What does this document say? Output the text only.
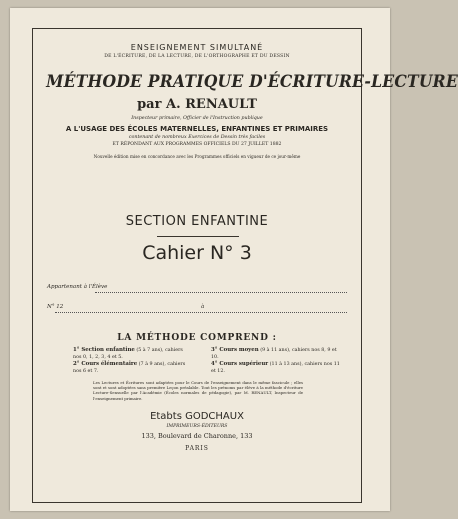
ENSEIGNEMENT SIMULTANÉ
DE L'ÉCRITURE, DE LA LECTURE, DE L'ORTHOGRAPHE ET DU DESSIN
MÉTHODE PRATIQUE D'ÉCRITURE-LECTURE
par A. RENAULT
Inspecteur primaire, Officier de l'Instruction publique
A L'USAGE DES ÉCOLES MATERNELLES, ENFANTINES ET PRIMAIRES
contenant de nombreux Exercices de Dessin très faciles
ET RÉPONDANT AUX PROGRAMMES OFFICIELS DU 27 JUILLET 1882
Nouvelle édition mise en concordance avec les Programmes officiels en vigueur de ce jour-même
SECTION ENFANTINE
Cahier N° 3
Appartenant à l'Élève
N° 12	à
LA MÉTHODE COMPREND :
1° Section enfantine (5 à 7 ans), cahiers nos 0, 1, 2, 3, 4 et 5.
2° Cours élémentaire (7 à 9 ans), cahiers nos 6 et 7.
3° Cours moyen (9 à 11 ans), cahiers nos 8, 9 et 10.
4° Cours supérieur (11 à 13 ans), cahiers nos 11 et 12.
Les Lectures et Écritures sont adaptées pour le Cours de l'enseignement dans le même fascicule ; elles sont et sont adoptées sans première Leçon préalable. Tout les prénoms par élève à la méthode d'écriture Lecture-Sensuelle par l'Académie (Écoles normales de pédagogie), par M. RENAULT, Inspecteur de l'enseignement primaire.
Etabts GODCHAUX
IMPRIMEURS-ÉDITEURS
133, Boulevard de Charonne, 133
PARIS
